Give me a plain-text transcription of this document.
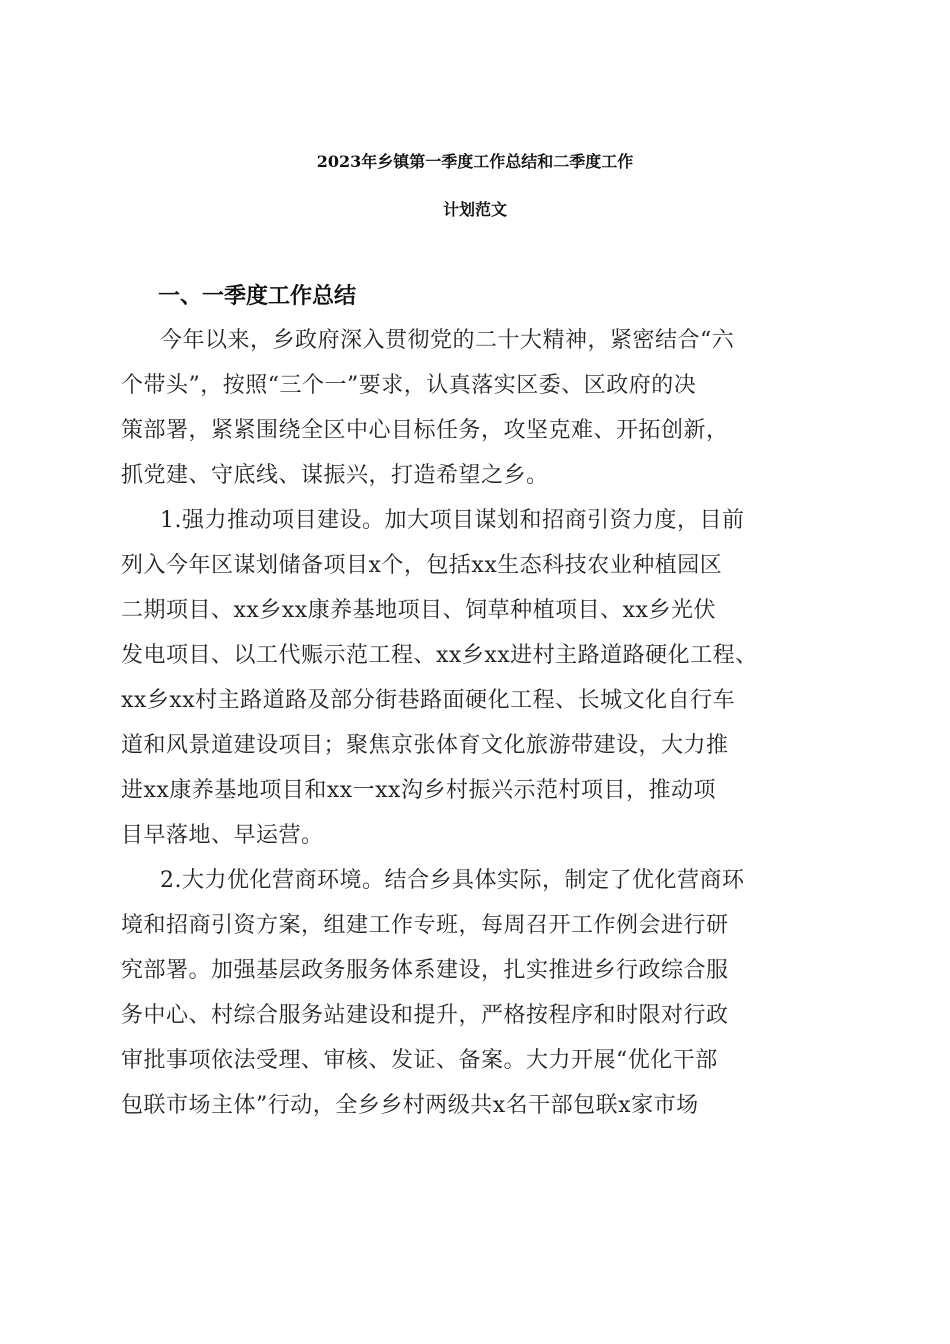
2023年乡镇第一季度工作总结和二季度工作
计划范文
一、一季度工作总结

今年以来，乡政府深入贯彻党的二十大精神，紧密结合“六

个带头”，按照“三个一”要求，认真落实区委、区政府的决

策部署，紧紧围绕全区中心目标任务，攻坚克难、开拓创新，

抓党建、守底线、谋振兴，打造希望之乡。

1.强力推动项目建设。加大项目谋划和招商引资力度，目前

列入今年区谋划储备项目x个，包括xx生态科技农业种植园区

二期项目、xx乡xx康养基地项目、饲草种植项目、xx乡光伏

发电项目、以工代赈示范工程、xx乡xx进村主路道路硬化工程、

xx乡xx村主路道路及部分街巷路面硬化工程、长城文化自行车

道和风景道建设项目；聚焦京张体育文化旅游带建设，大力推

进xx康养基地项目和xx一xx沟乡村振兴示范村项目，推动项

目早落地、早运营。

2.大力优化营商环境。结合乡具体实际，制定了优化营商环

境和招商引资方案，组建工作专班，每周召开工作例会进行研

究部署。加强基层政务服务体系建设，扎实推进乡行政综合服

务中心、村综合服务站建设和提升，严格按程序和时限对行政

审批事项依法受理、审核、发证、备案。大力开展“优化干部

包联市场主体”行动，全乡乡村两级共x名干部包联x家市场
